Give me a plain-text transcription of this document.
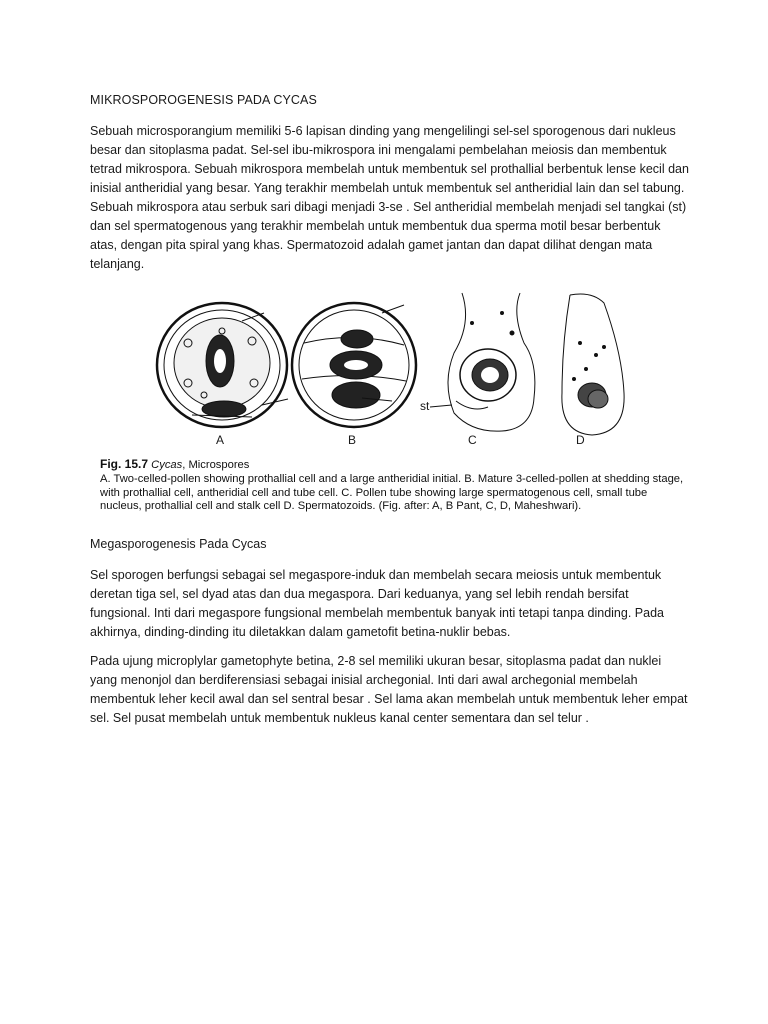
MIKROSPOROGENESIS PADA CYCAS

Sebuah microsporangium memiliki 5-6 lapisan dinding yang mengelilingi sel-sel sporogenous dari nukleus besar dan sitoplasma padat. Sel-sel ibu-mikrospora ini mengalami pembelahan meiosis dan membentuk tetrad mikrospora. Sebuah mikrospora membelah untuk membentuk sel prothallial berbentuk lense kecil dan inisial antheridial yang besar. Yang terakhir membelah untuk membentuk sel antheridial lain dan sel tabung. Sebuah mikrospora atau serbuk sari dibagi menjadi 3-se . Sel antheridial membelah menjadi sel tangkai (st) dan sel spermatogenous yang terakhir membelah untuk membentuk dua sperma motil besar berbentuk atas, dengan pita spiral yang khas. Spermatozoid adalah gamet jantan dan dapat dilihat dengan mata telanjang.

A	B	C	D
st
Fig. 15.7 Cycas, Microspores
A. Two-celled-pollen showing prothallial cell and a large antheridial initial. B. Mature 3-celled-pollen at shedding stage, with prothallial cell, antheridial cell and tube cell. C. Pollen tube showing large spermatogenous cell, small tube nucleus, prothallial cell and stalk cell D. Spermatozoids. (Fig. after: A, B Pant, C, D, Maheshwari).
Megasporogenesis Pada Cycas

Sel sporogen berfungsi sebagai sel megaspore-induk dan membelah secara meiosis untuk membentuk deretan tiga sel, sel dyad atas dan dua megaspora. Dari keduanya, yang sel lebih rendah bersifat fungsional. Inti dari megaspore fungsional membelah membentuk banyak inti tetapi tanpa dinding. Pada akhirnya, dinding-dinding itu diletakkan dalam gametofit betina-nuklir bebas.

Pada ujung microplylar gametophyte betina, 2-8 sel memiliki ukuran besar, sitoplasma padat dan nuklei yang menonjol dan berdiferensiasi sebagai inisial archegonial. Inti dari awal archegonial membelah membentuk leher kecil awal dan sel sentral besar . Sel lama akan membelah untuk membentuk leher empat sel. Sel pusat membelah untuk membentuk nukleus kanal center sementara dan sel telur .
